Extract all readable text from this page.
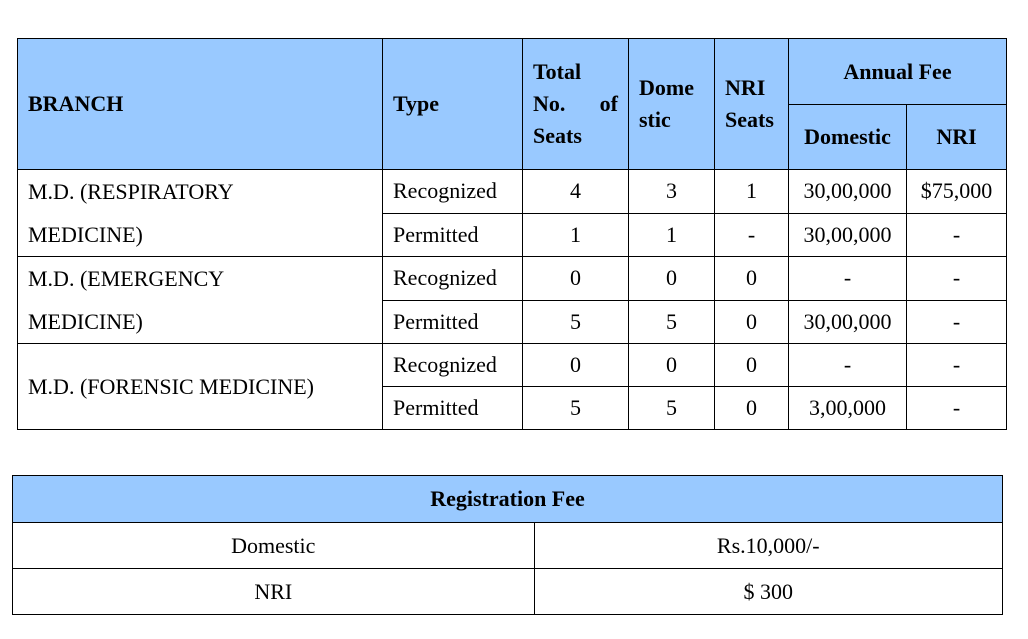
BRANCH	Type	Total No. of Seats	Dome stic	NRI Seats	Annual Fee	
					Domestic	NRI

M.D. (RESPIRATORY
MEDICINE)	Recognized	4	3	1	30,00,000	$75,000
	Permitted	1	1	-	30,00,000	-

M.D. (EMERGENCY
MEDICINE)	Recognized	0	0	0	-	-
	Permitted	5	5	0	30,00,000	-
M.D. (FORENSIC MEDICINE)	Recognized	0	0	0	-	-
	Permitted	5	5	0	3,00,000	-
Registration Fee	
Domestic	Rs.10,000/-
NRI	$ 300
